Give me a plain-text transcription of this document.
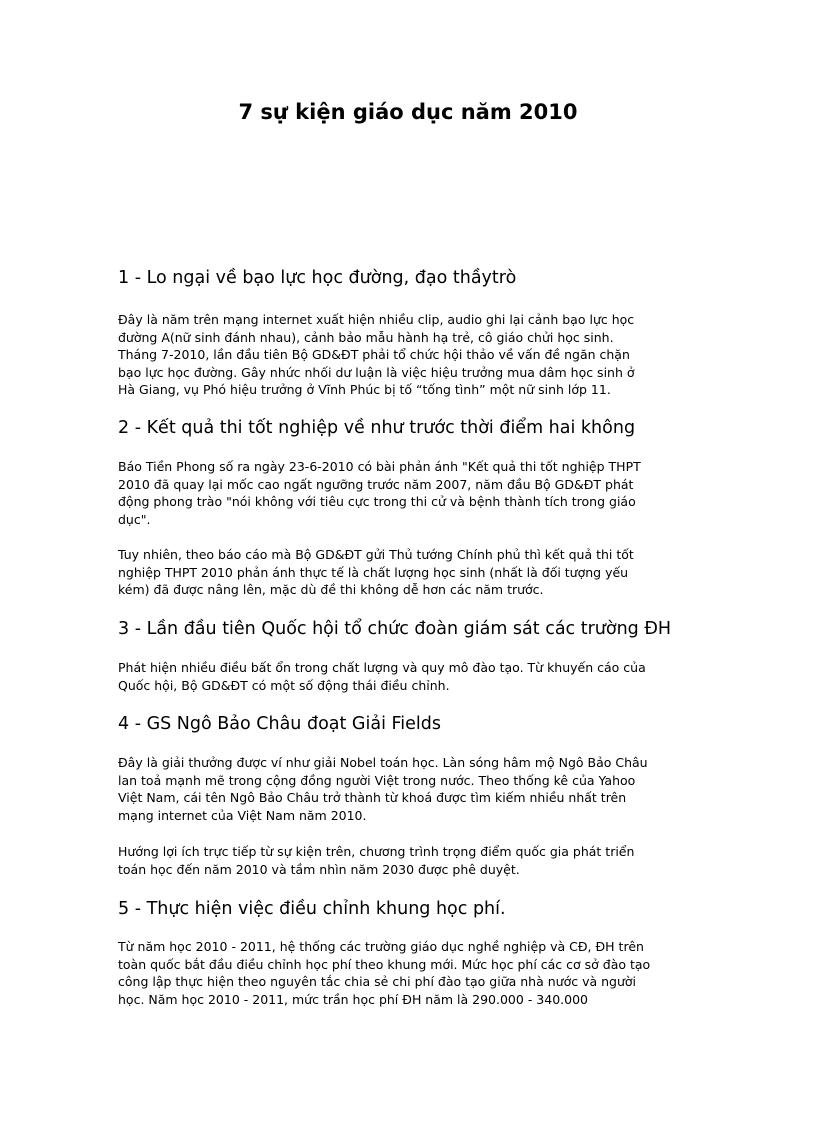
7 sự kiện giáo dục năm 2010
1 - Lo ngại về bạo lực học đường, đạo thầytrò

Đây là năm trên mạng internet xuất hiện nhiều clip, audio ghi lại cảnh bạo lực học
đường A(nữ sinh đánh nhau), cảnh bảo mẫu hành hạ trẻ, cô giáo chửi học sinh.
Tháng 7-2010, lần đầu tiên Bộ GD&ĐT phải tổ chức hội thảo về vấn đề ngăn chặn
bạo lực học đường. Gây nhức nhối dư luận là việc hiệu trưởng mua dâm học sinh ở
Hà Giang, vụ Phó hiệu trưởng ở Vĩnh Phúc bị tố “tống tình” một nữ sinh lớp 11.

2 - Kết quả thi tốt nghiệp về như trước thời điểm hai không

Báo Tiền Phong số ra ngày 23-6-2010 có bài phản ánh "Kết quả thi tốt nghiệp THPT
2010 đã quay lại mốc cao ngất ngưỡng trước năm 2007, năm đầu Bộ GD&ĐT phát
động phong trào "nói không với tiêu cực trong thi cử và bệnh thành tích trong giáo
dục".

Tuy nhiên, theo báo cáo mà Bộ GD&ĐT gửi Thủ tướng Chính phủ thì kết quả thi tốt
nghiệp THPT 2010 phản ánh thực tế là chất lượng học sinh (nhất là đối tượng yếu
kém) đã được nâng lên, mặc dù đề thi không dễ hơn các năm trước.

3 - Lần đầu tiên Quốc hội tổ chức đoàn giám sát các trường ĐH

Phát hiện nhiều điều bất ổn trong chất lượng và quy mô đào tạo. Từ khuyến cáo của
Quốc hội, Bộ GD&ĐT có một số động thái điều chỉnh.

4 - GS Ngô Bảo Châu đoạt Giải Fields

Đây là giải thưởng được ví như giải Nobel toán học. Làn sóng hâm mộ Ngô Bảo Châu
lan toả mạnh mẽ trong cộng đồng người Việt trong nước. Theo thống kê của Yahoo
Việt Nam, cái tên Ngô Bảo Châu trở thành từ khoá được tìm kiếm nhiều nhất trên
mạng internet của Việt Nam năm 2010.

Hướng lợi ích trực tiếp từ sự kiện trên, chương trình trọng điểm quốc gia phát triển
toán học đến năm 2010 và tầm nhìn năm 2030 được phê duyệt.

5 - Thực hiện việc điều chỉnh khung học phí.

Từ năm học 2010 - 2011, hệ thống các trường giáo dục nghề nghiệp và CĐ, ĐH trên
toàn quốc bắt đầu điều chỉnh học phí theo khung mới. Mức học phí các cơ sở đào tạo
công lập thực hiện theo nguyên tắc chia sẻ chi phí đào tạo giữa nhà nước và người
học. Năm học 2010 - 2011, mức trần học phí ĐH năm là 290.000 - 340.000
